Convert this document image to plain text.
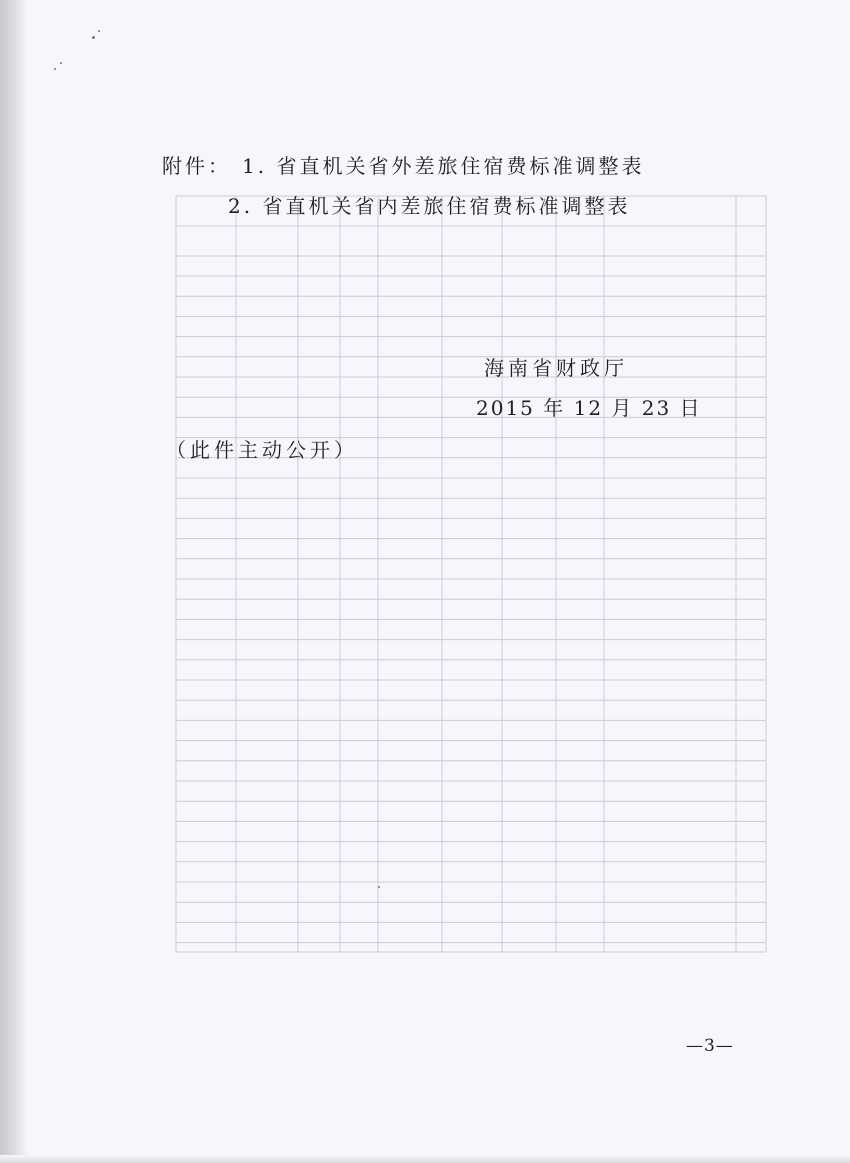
附件： 1. 省直机关省外差旅住宿费标准调整表
2. 省直机关省内差旅住宿费标准调整表
海南省财政厅
2015 年 12 月 23 日
（此件主动公开）
—3—
